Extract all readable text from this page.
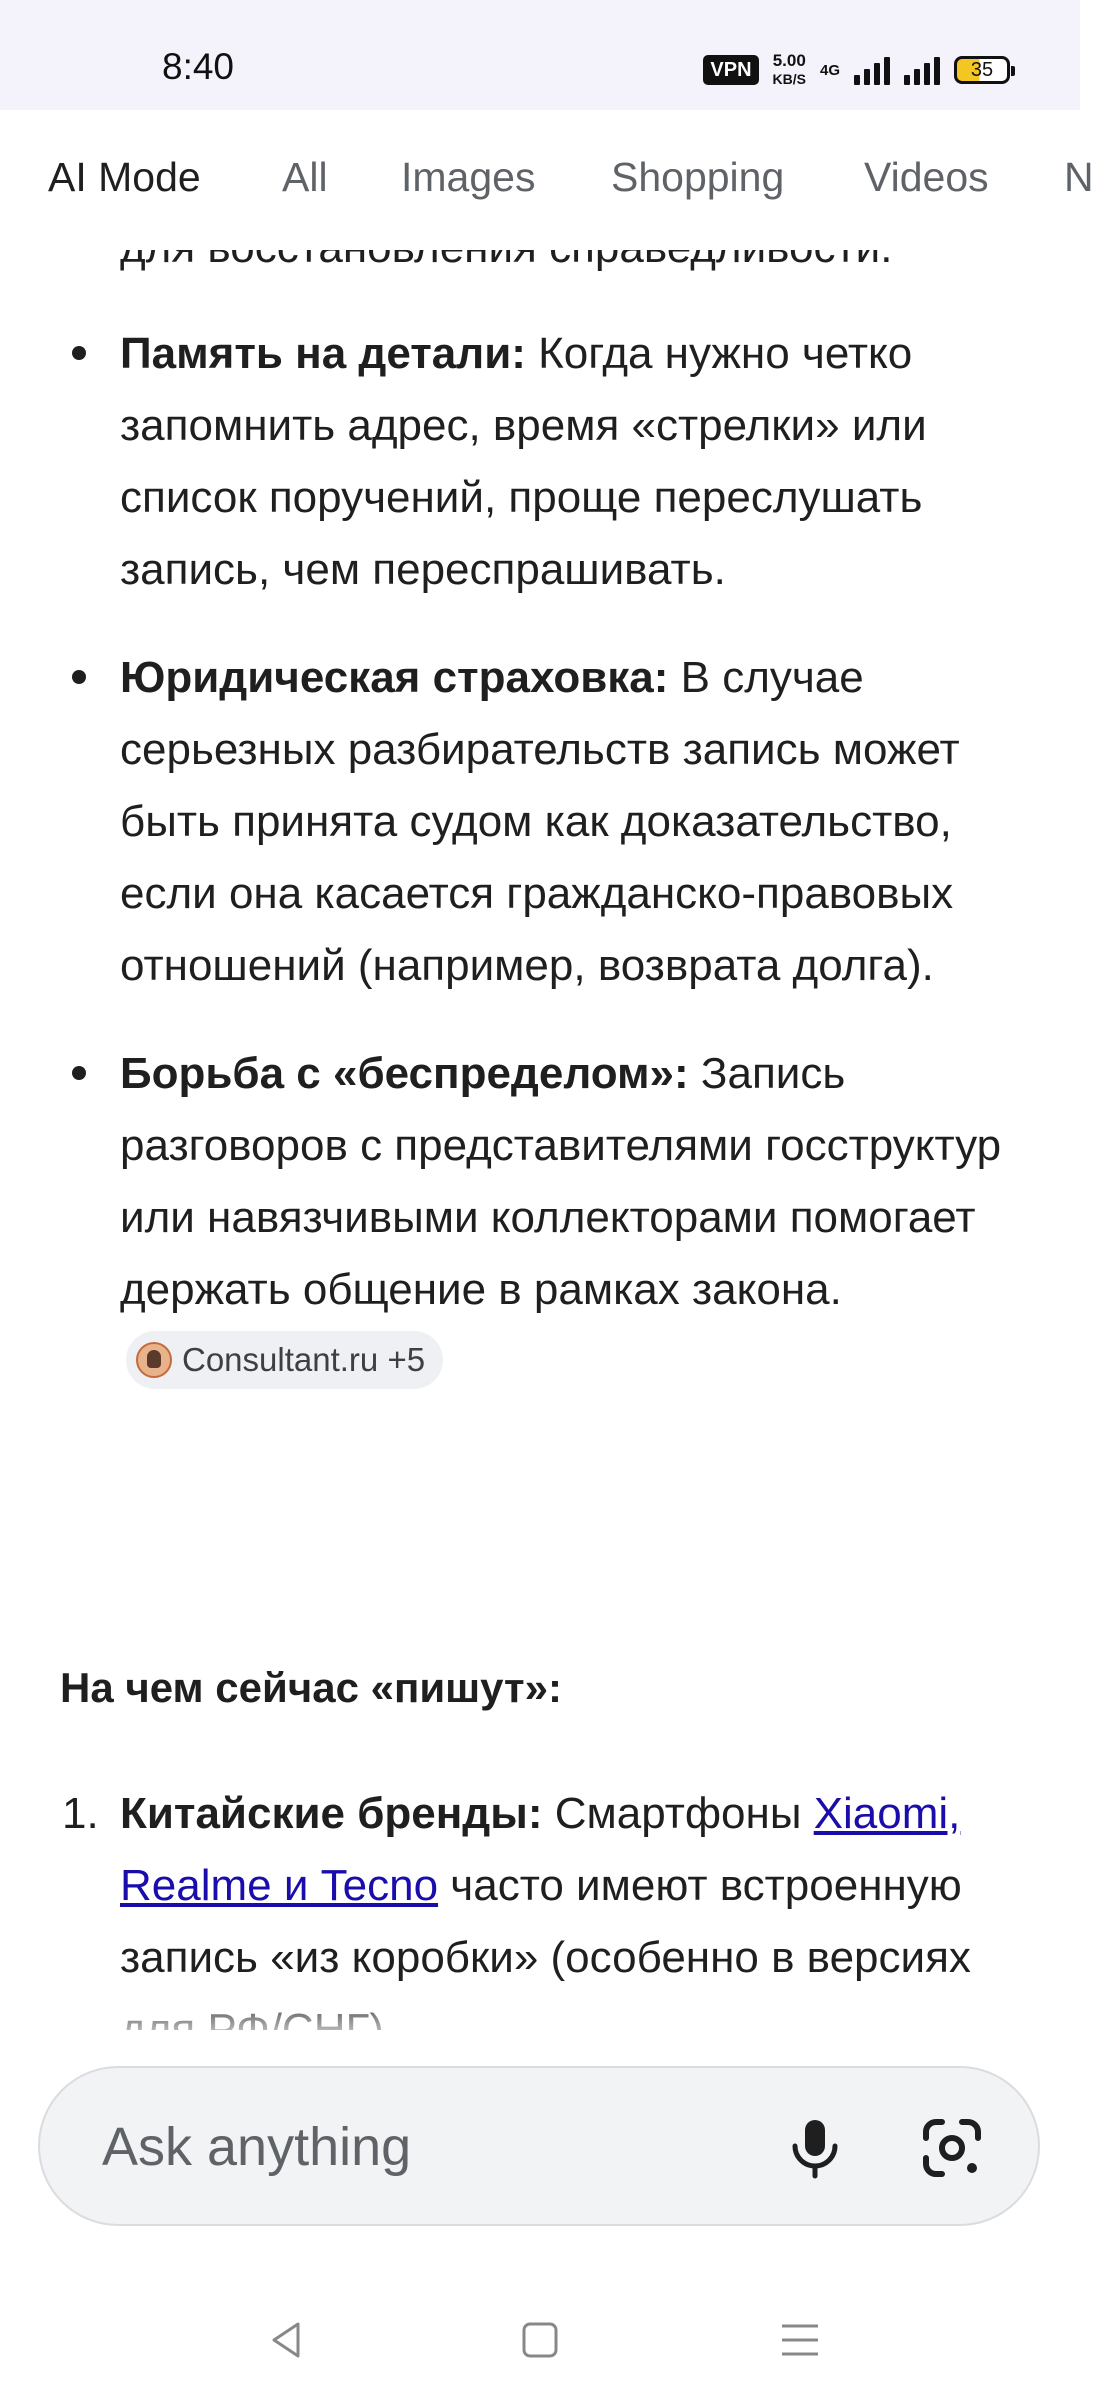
8:40	VPN	5.00
KB/S
4G	35
AI Mode All Images Shopping Videos N
Память на детали: Когда нужно четко запомнить адрес, время «стрелки» или список поручений, проще переслушать запись, чем переспрашивать.
Юридическая страховка: В случае серьезных разбирательств запись может быть принята судом как доказательство, если она касается гражданско-правовых отношений (например, возврата долга).
Борьба с «беспределом»: Запись разговоров с представителями госструктур или навязчивыми коллекторами помогает держать общение в рамках закона.
Consultant.ru +5
На чем сейчас «пишут»:
1. Китайские бренды: Смартфоны Xiaomi, Realme и Tecno часто имеют встроенную запись «из коробки» (особенно в версиях
Ask anything
